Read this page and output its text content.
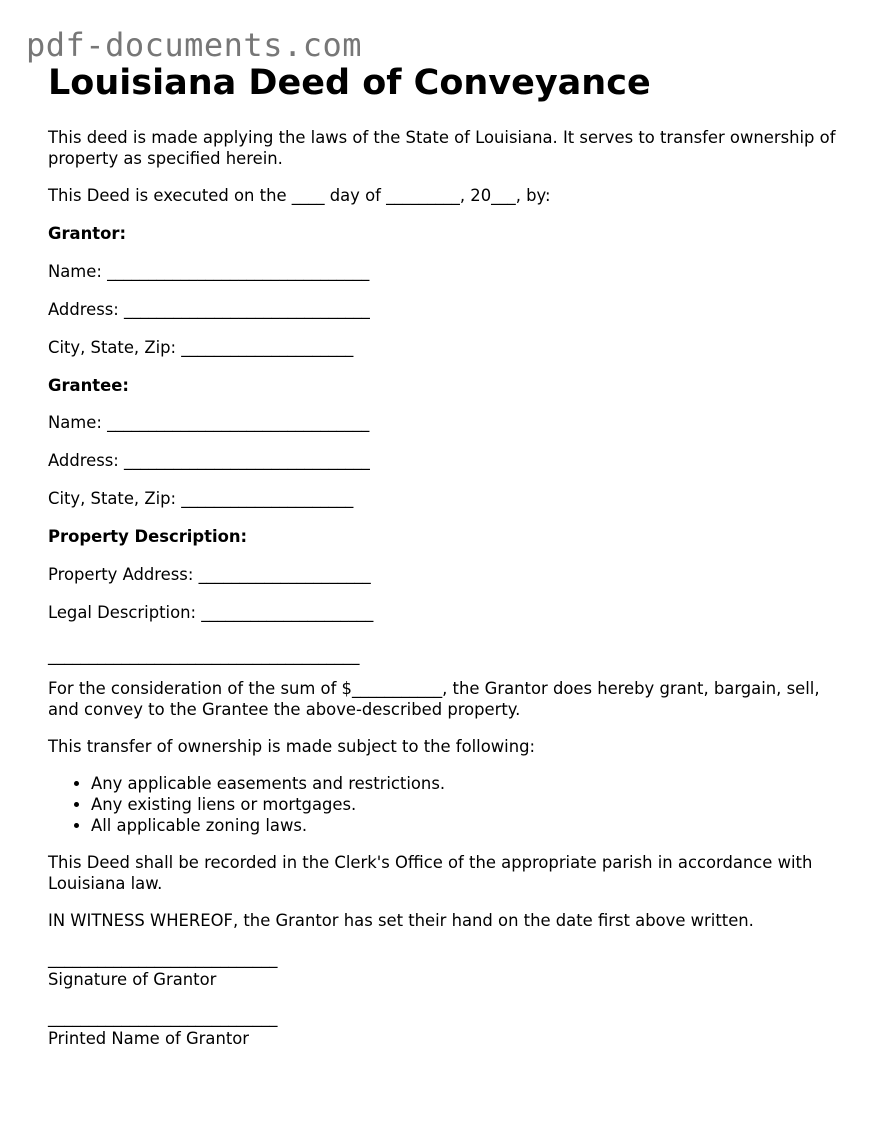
pdf-documents.com
Louisiana Deed of Conveyance

This deed is made applying the laws of the State of Louisiana. It serves to transfer ownership of property as specified herein.

This Deed is executed on the ____ day of _________, 20___, by:

Grantor:

Name: ________________________________

Address: ______________________________

City, State, Zip: _____________________

Grantee:

Name: ________________________________

Address: ______________________________

City, State, Zip: _____________________

Property Description:

Property Address: _____________________

Legal Description: _____________________

______________________________________

For the consideration of the sum of $___________, the Grantor does hereby grant, bargain, sell, and convey to the Grantee the above-described property.

This transfer of ownership is made subject to the following:

• Any applicable easements and restrictions.
• Any existing liens or mortgages.
• All applicable zoning laws.

This Deed shall be recorded in the Clerk's Office of the appropriate parish in accordance with Louisiana law.

IN WITNESS WHEREOF, the Grantor has set their hand on the date first above written.

____________________________

Signature of Grantor

____________________________

Printed Name of Grantor
